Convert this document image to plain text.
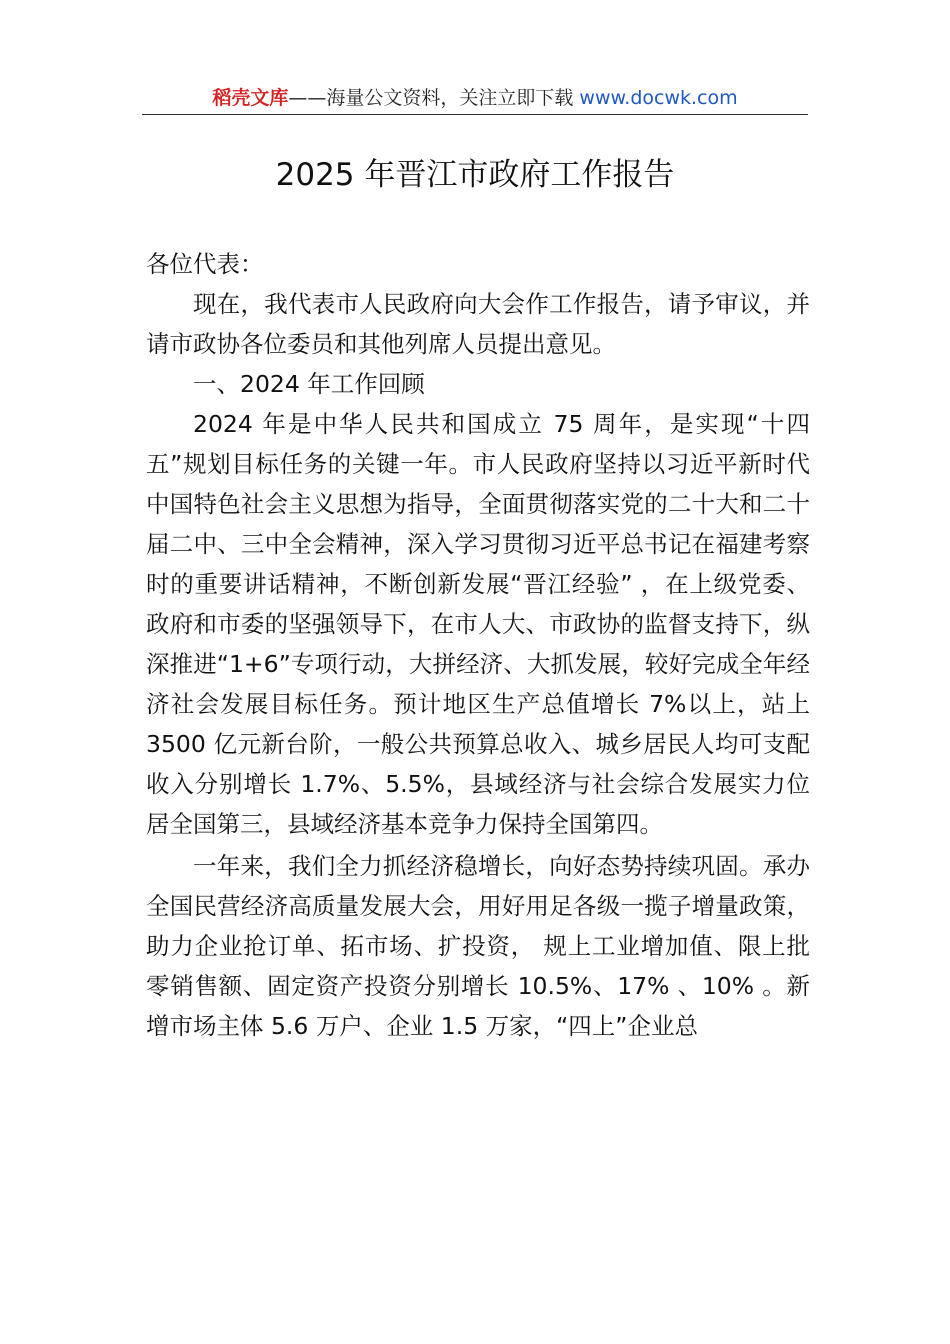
稻壳文库——海量公文资料，关注立即下载 www.docwk.com
2025 年晋江市政府工作报告

各位代表：

现在，我代表市人民政府向大会作工作报告，请予审议，并请市政协各位委员和其他列席人员提出意见。

一、2024 年工作回顾

2024 年是中华人民共和国成立 75 周年，是实现“十四五”规划目标任务的关键一年。市人民政府坚持以习近平新时代中国特色社会主义思想为指导，全面贯彻落实党的二十大和二十届二中、三中全会精神，深入学习贯彻习近平总书记在福建考察时的重要讲话精神，不断创新发展“晋江经验” ，在上级党委、政府和市委的坚强领导下，在市人大、市政协的监督支持下，纵深推进“1+6”专项行动，大拼经济、大抓发展，较好完成全年经济社会发展目标任务。预计地区生产总值增长 7%以上，站上 3500 亿元新台阶，一般公共预算总收入、城乡居民人均可支配收入分别增长 1.7%、5.5%，县域经济与社会综合发展实力位居全国第三，县域经济基本竞争力保持全国第四。

一年来，我们全力抓经济稳增长，向好态势持续巩固。承办全国民营经济高质量发展大会，用好用足各级一揽子增量政策，助力企业抢订单、拓市场、扩投资， 规上工业增加值、限上批零销售额、固定资产投资分别增长 10.5%、17% 、10% 。新增市场主体 5.6 万户、企业 1.5 万家，“四上”企业总
